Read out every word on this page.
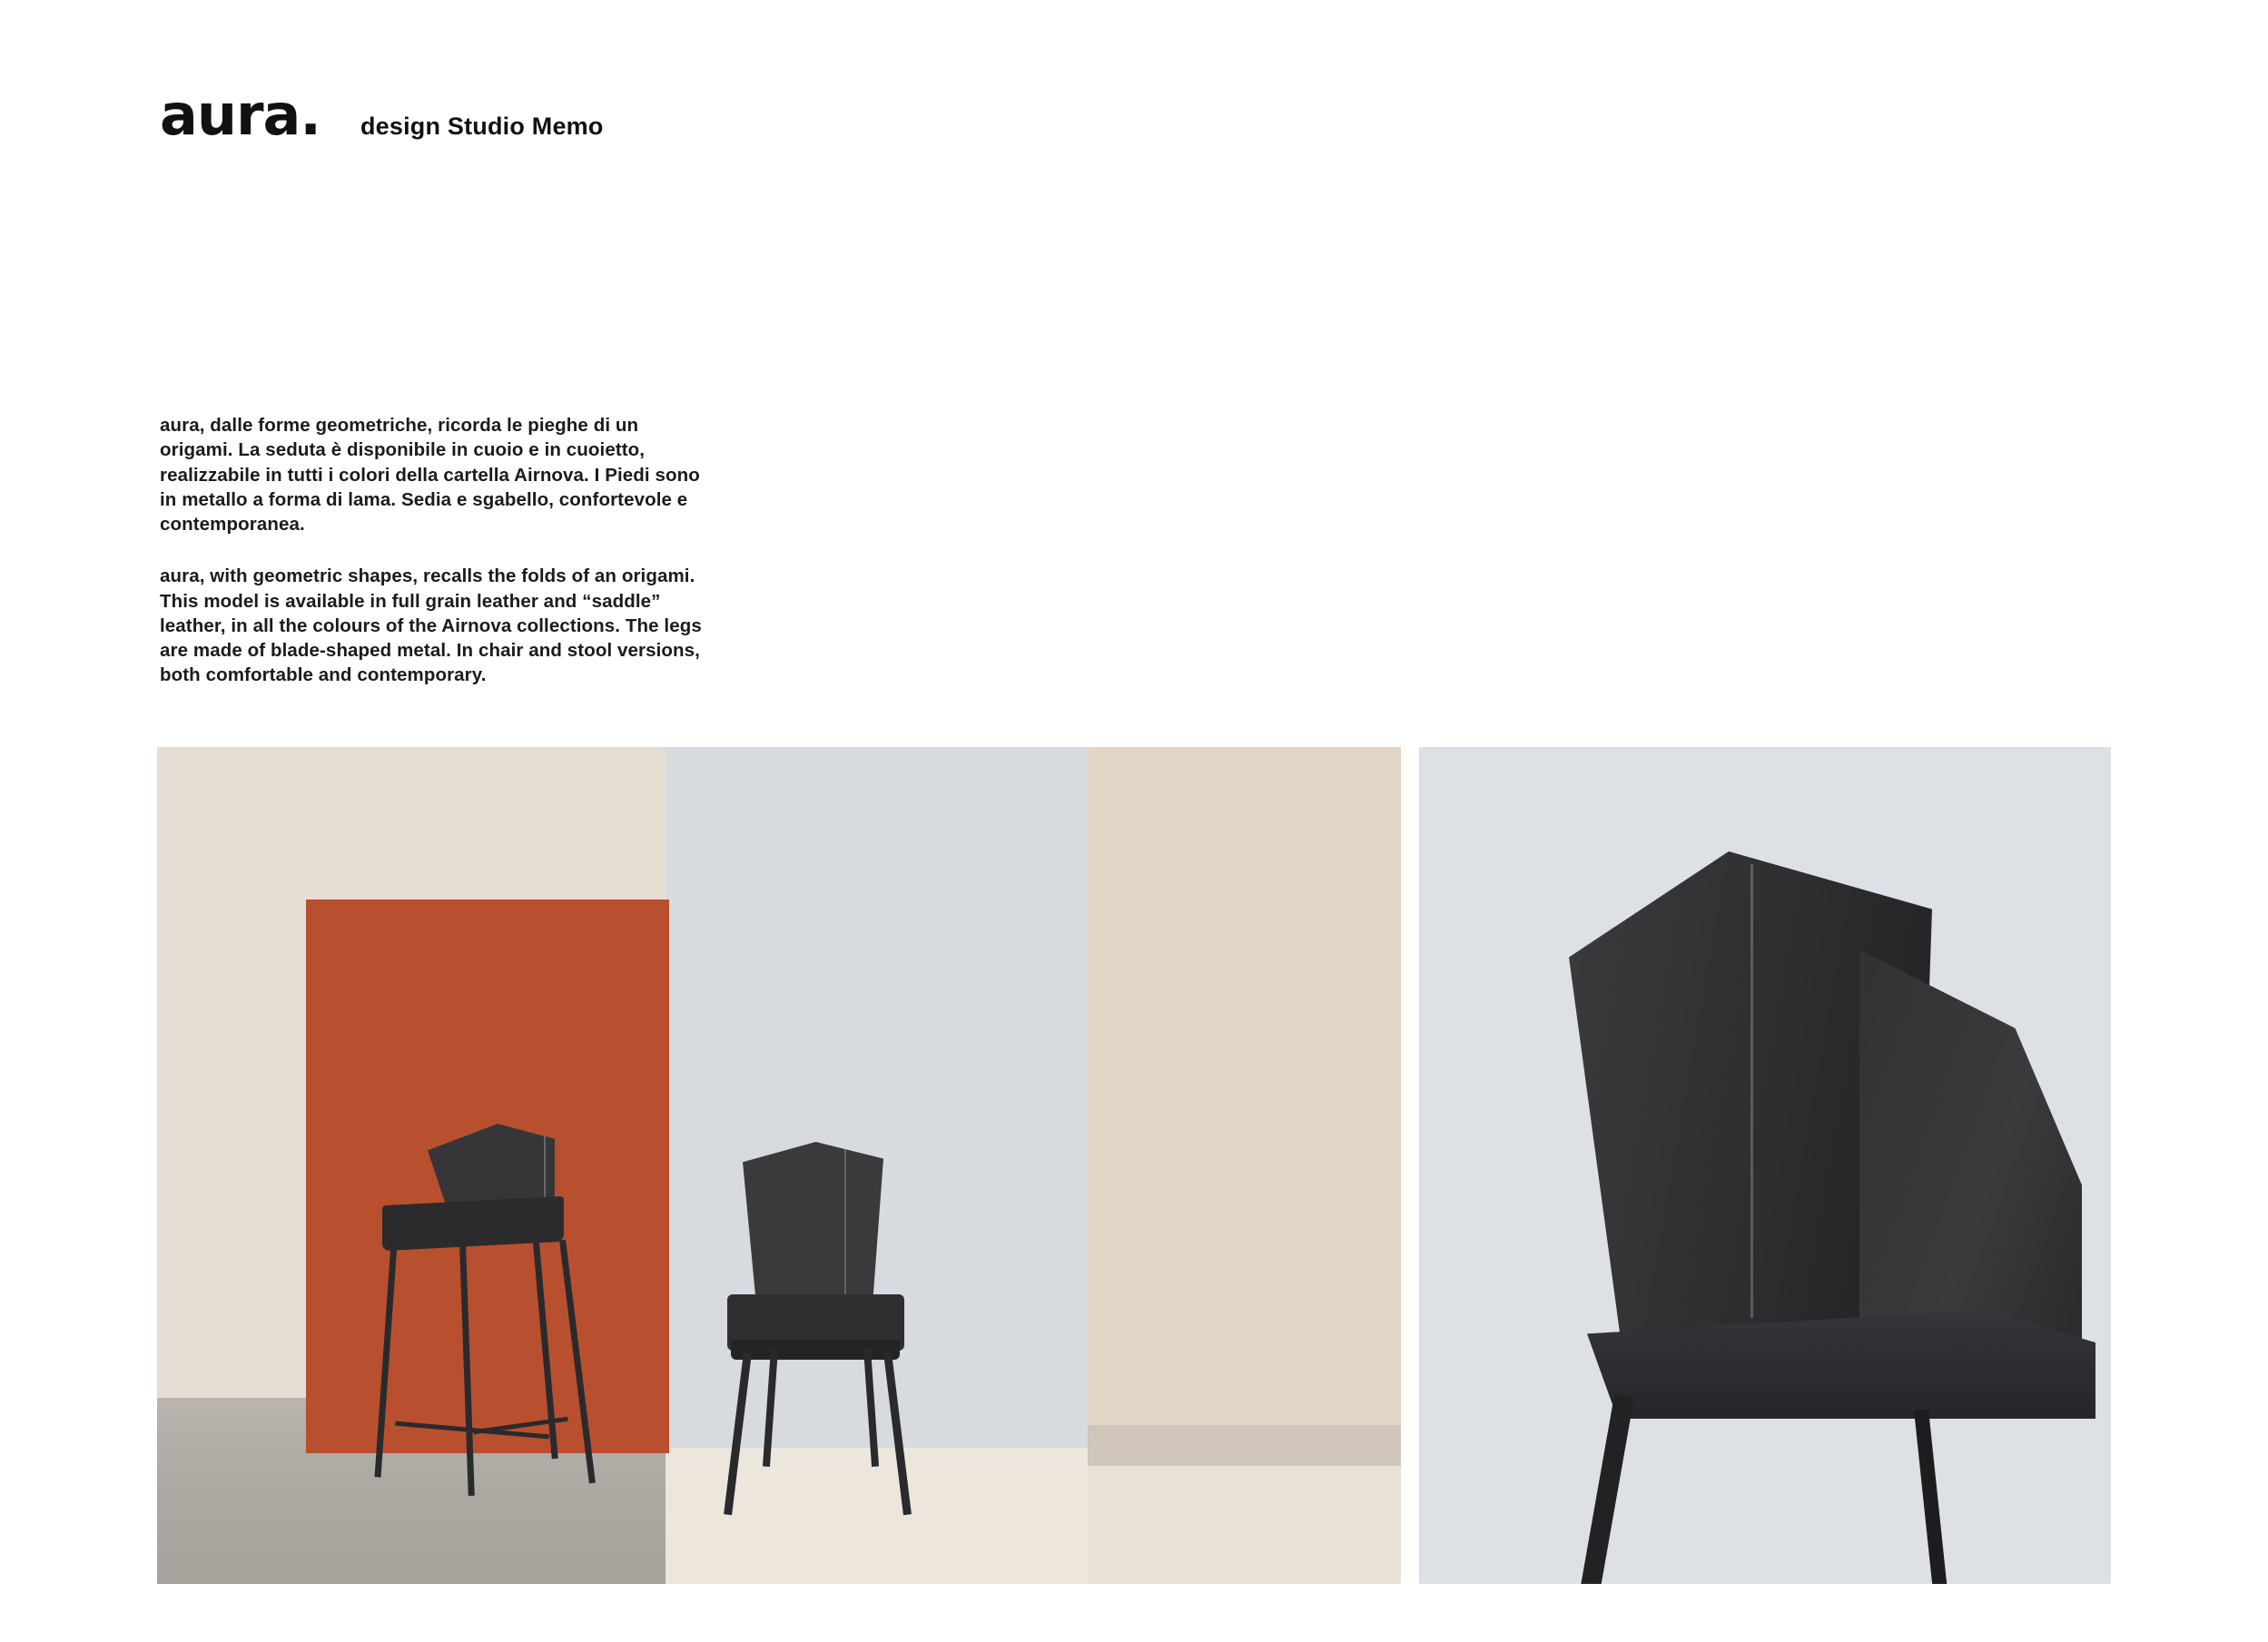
aura. design Studio Memo

aura, dalle forme geometriche, ricorda le pieghe di un origami. La seduta è disponibile in cuoio e in cuoietto, realizzabile in tutti i colori della cartella Airnova. I Piedi sono in metallo a forma di lama. Sedia e sgabello, confortevole e contemporanea.

aura, with geometric shapes, recalls the folds of an origami. This model is available in full grain leather and “saddle” leather, in all the colours of the Airnova collections. The legs are made of blade-shaped metal. In chair and stool versions, both comfortable and contemporary.
